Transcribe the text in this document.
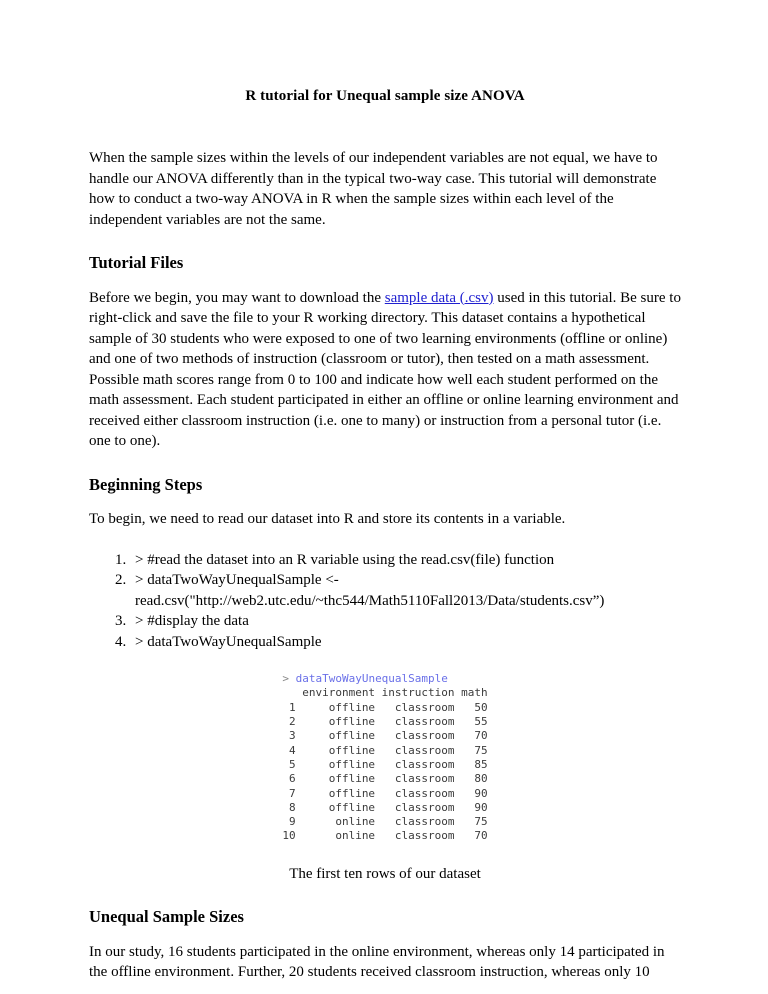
R tutorial for Unequal sample size ANOVA

When the sample sizes within the levels of our independent variables are not equal, we have to handle our ANOVA differently than in the typical two-way case. This tutorial will demonstrate how to conduct a two-way ANOVA in R when the sample sizes within each level of the independent variables are not the same.

Tutorial Files

Before we begin, you may want to download the sample data (.csv) used in this tutorial. Be sure to right-click and save the file to your R working directory. This dataset contains a hypothetical sample of 30 students who were exposed to one of two learning environments (offline or online) and one of two methods of instruction (classroom or tutor), then tested on a math assessment. Possible math scores range from 0 to 100 and indicate how well each student performed on the math assessment. Each student participated in either an offline or online learning environment and received either classroom instruction (i.e. one to many) or instruction from a personal tutor (i.e. one to one).

Beginning Steps

To begin, we need to read our dataset into R and store its contents in a variable.

1. > #read the dataset into an R variable using the read.csv(file) function
2. > dataTwoWayUnequalSample <-
read.csv("http://web2.utc.edu/~thc544/Math5110Fall2013/Data/students.csv”)
3. > #display the data
4. > dataTwoWayUnequalSample
> dataTwoWayUnequalSample
environment instruction math
1     offline   classroom   50
2     offline   classroom   55
3     offline   classroom   70
4     offline   classroom   75
5     offline   classroom   85
6     offline   classroom   80
7     offline   classroom   90
8     offline   classroom   90
9      online   classroom   75
10      online   classroom   70

The first ten rows of our dataset

Unequal Sample Sizes

In our study, 16 students participated in the online environment, whereas only 14 participated in the offline environment. Further, 20 students received classroom instruction, whereas only 10
